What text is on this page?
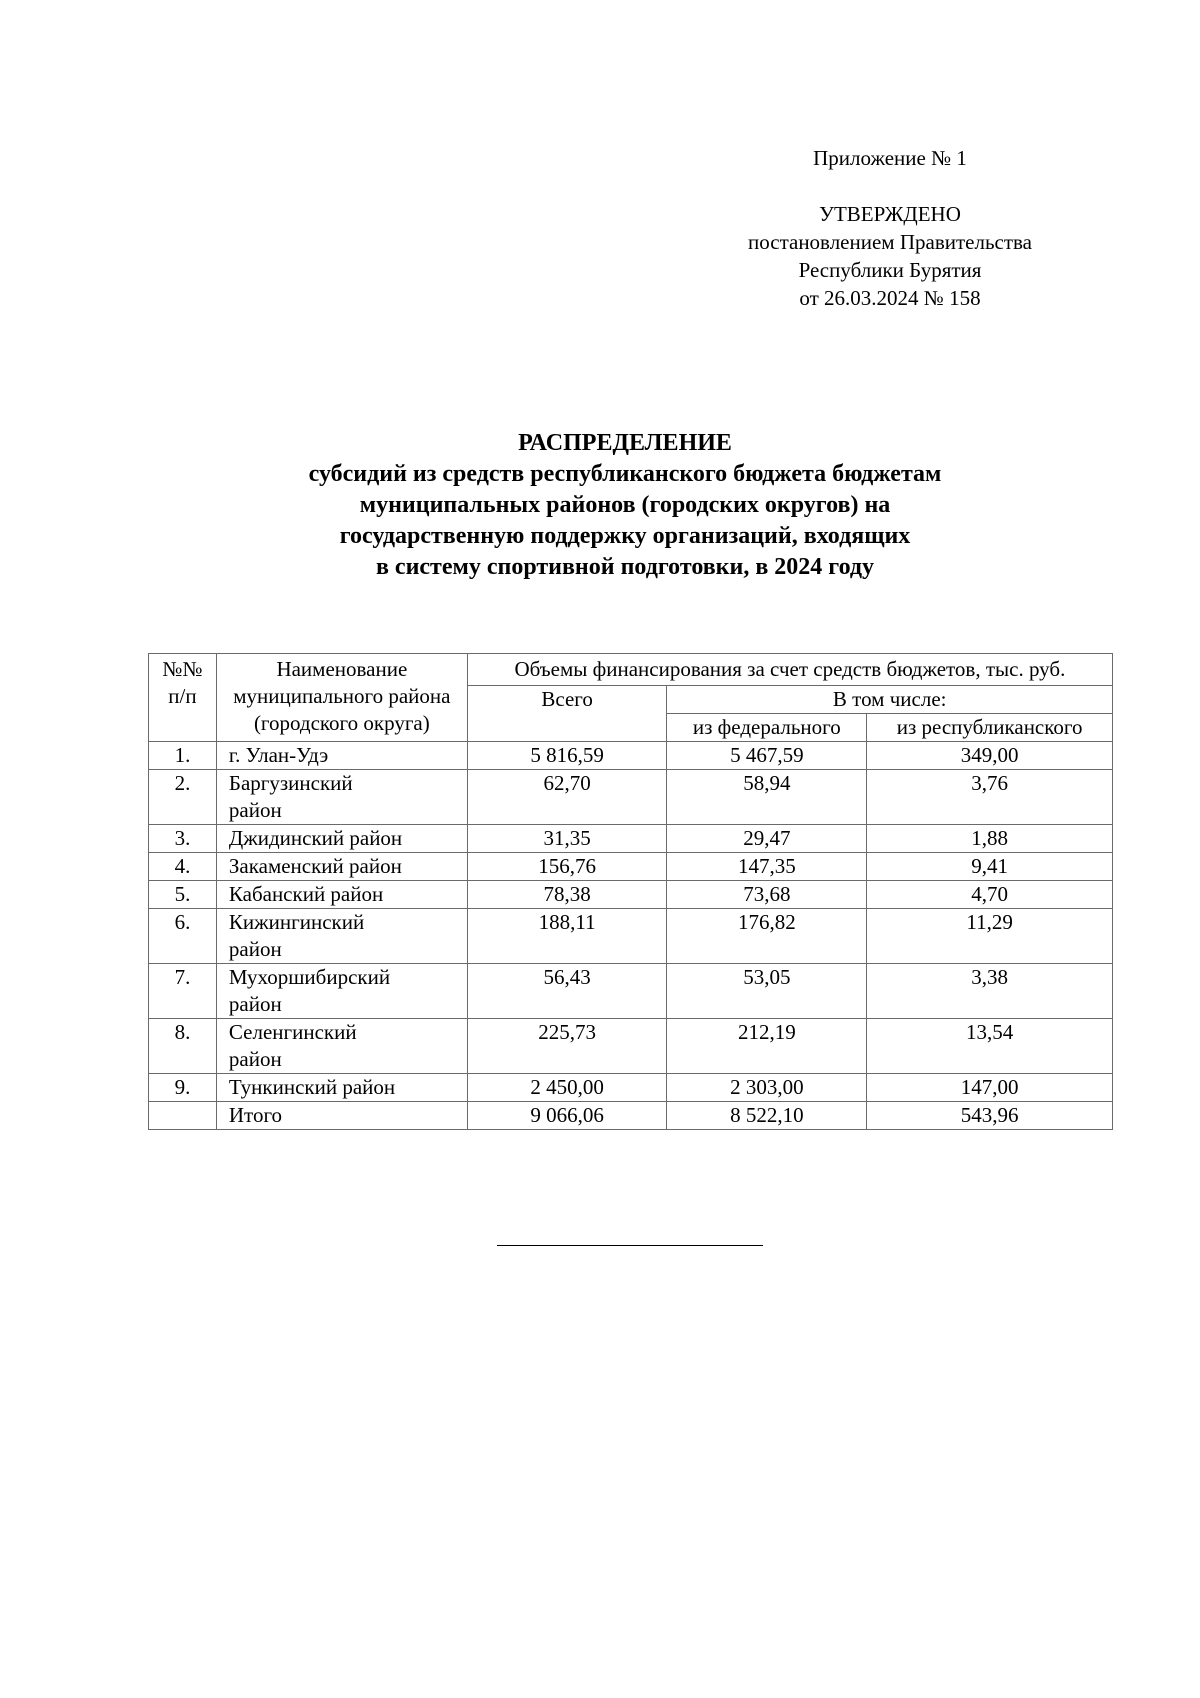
Приложение № 1
УТВЕРЖДЕНО
постановлением Правительства
Республики Бурятия
от 26.03.2024 № 158
РАСПРЕДЕЛЕНИЕ
субсидий из средств республиканского бюджета бюджетам
муниципальных районов (городских округов) на
государственную поддержку организаций, входящих
в систему спортивной подготовки, в 2024 году
№№ п/п	Наименование муниципального района (городского округа)	Объемы финансирования за счет средств бюджетов, тыс. руб.		
		Всего	В том числе:	
			из федерального	из республиканского
1.	г. Улан-Удэ	5 816,59	5 467,59	349,00
2.	Баргузинский район	62,70	58,94	3,76
3.	Джидинский район	31,35	29,47	1,88
4.	Закаменский район	156,76	147,35	9,41
5.	Кабанский район	78,38	73,68	4,70
6.	Кижингинский район	188,11	176,82	11,29
7.	Мухоршибирский район	56,43	53,05	3,38
8.	Селенгинский район	225,73	212,19	13,54
9.	Тункинский район	2 450,00	2 303,00	147,00
	Итого	9 066,06	8 522,10	543,96
